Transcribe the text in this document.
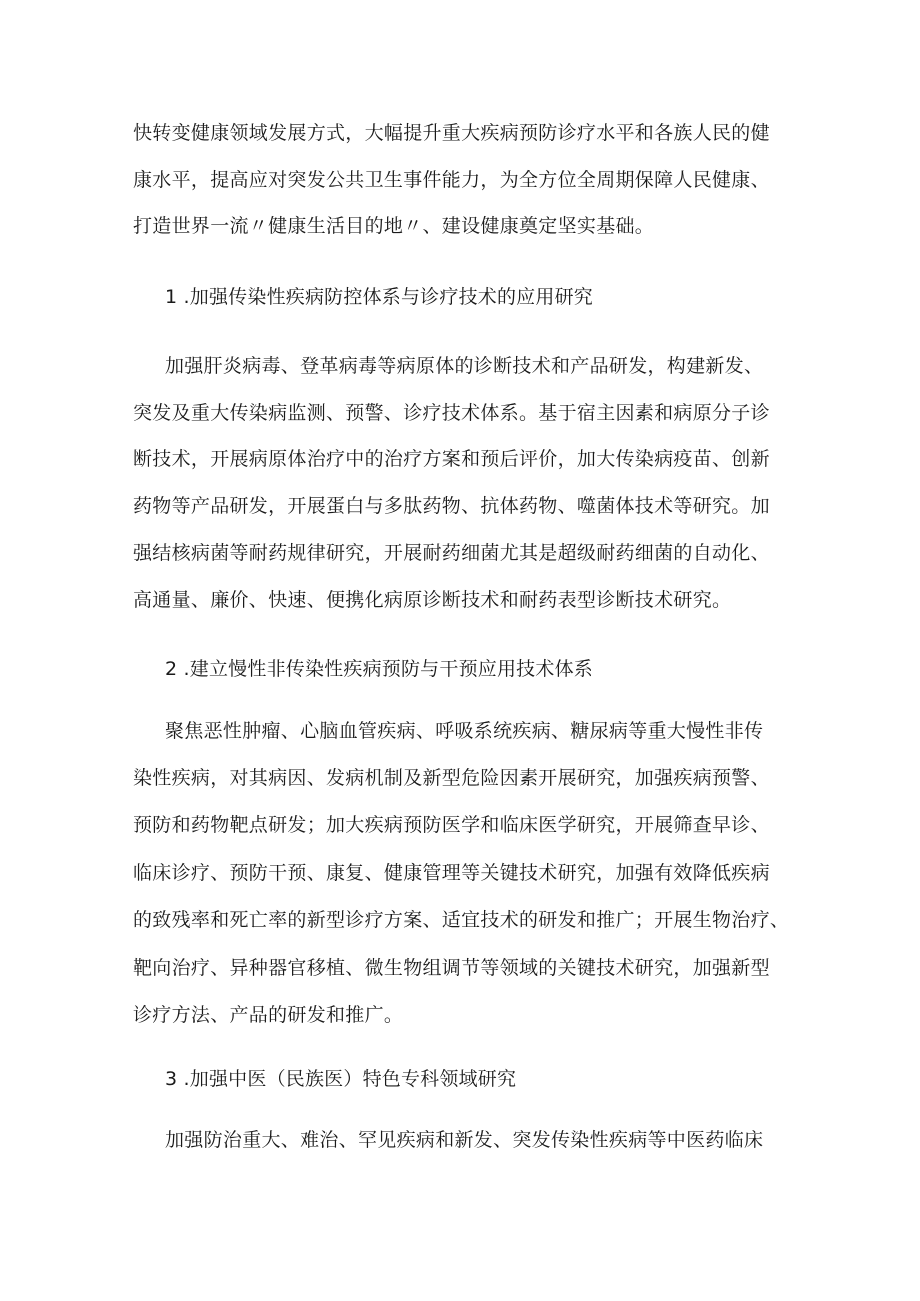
快转变健康领域发展方式，大幅提升重大疾病预防诊疗水平和各族人民的健
康水平，提高应对突发公共卫生事件能力，为全方位全周期保障人民健康、
打造世界一流〃健康生活目的地〃、建设健康奠定坚实基础。
1 .加强传染性疾病防控体系与诊疗技术的应用研究
加强肝炎病毒、登革病毒等病原体的诊断技术和产品研发，构建新发、
突发及重大传染病监测、预警、诊疗技术体系。基于宿主因素和病原分子诊
断技术，开展病原体治疗中的治疗方案和预后评价，加大传染病疫苗、创新
药物等产品研发，开展蛋白与多肽药物、抗体药物、噬菌体技术等研究。加
强结核病菌等耐药规律研究，开展耐药细菌尤其是超级耐药细菌的自动化、
高通量、廉价、快速、便携化病原诊断技术和耐药表型诊断技术研究。
2 .建立慢性非传染性疾病预防与干预应用技术体系
聚焦恶性肿瘤、心脑血管疾病、呼吸系统疾病、糖尿病等重大慢性非传
染性疾病，对其病因、发病机制及新型危险因素开展研究，加强疾病预警、
预防和药物靶点研发；加大疾病预防医学和临床医学研究，开展筛查早诊、
临床诊疗、预防干预、康复、健康管理等关键技术研究，加强有效降低疾病
的致残率和死亡率的新型诊疗方案、适宜技术的研发和推广；开展生物治疗、
靶向治疗、异种器官移植、微生物组调节等领域的关键技术研究，加强新型
诊疗方法、产品的研发和推广。
3 .加强中医（民族医）特色专科领域研究
加强防治重大、难治、罕见疾病和新发、突发传染性疾病等中医药临床
